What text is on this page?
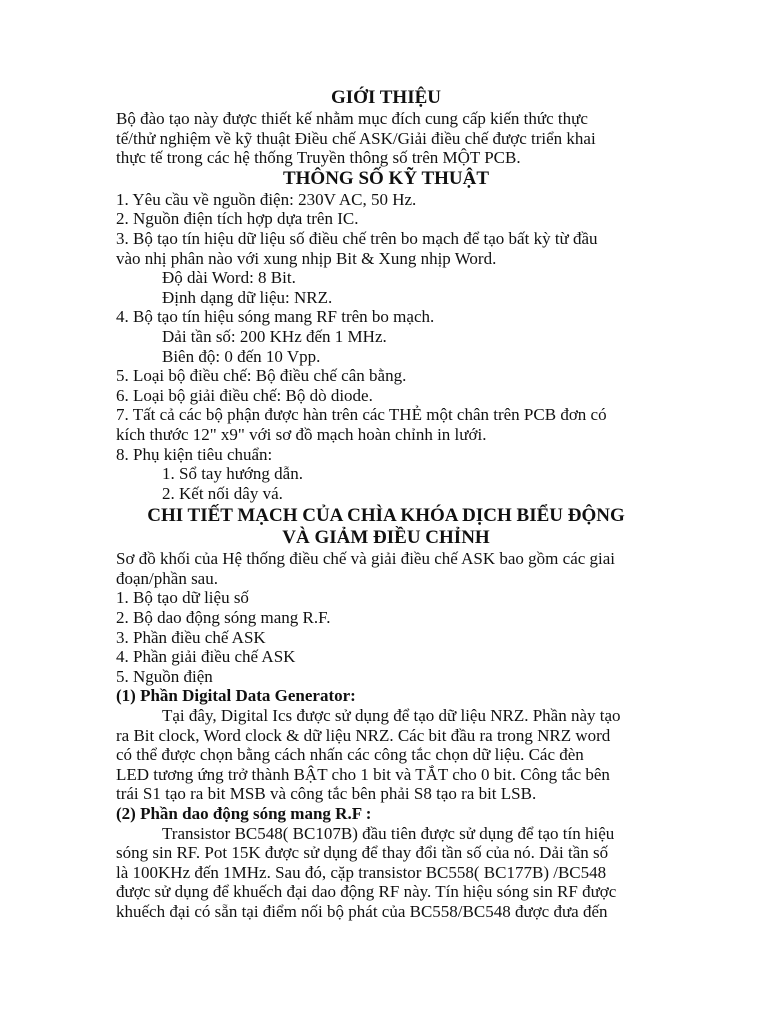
GIỚI THIỆU
Bộ đào tạo này được thiết kế nhằm mục đích cung cấp kiến thức thực
tế/thử nghiệm về kỹ thuật Điều chế ASK/Giải điều chế được triển khai
thực tế trong các hệ thống Truyền thông số trên MỘT PCB.
THÔNG SỐ KỸ THUẬT
1. Yêu cầu về nguồn điện: 230V AC, 50 Hz.
2. Nguồn điện tích hợp dựa trên IC.
3. Bộ tạo tín hiệu dữ liệu số điều chế trên bo mạch để tạo bất kỳ từ đầu
vào nhị phân nào với xung nhịp Bit & Xung nhịp Word.
Độ dài Word: 8 Bit.
Định dạng dữ liệu: NRZ.
4. Bộ tạo tín hiệu sóng mang RF trên bo mạch.
Dải tần số: 200 KHz đến 1 MHz.
Biên độ: 0 đến 10 Vpp.
5. Loại bộ điều chế: Bộ điều chế cân bằng.
6. Loại bộ giải điều chế: Bộ dò diode.
7. Tất cả các bộ phận được hàn trên các THẺ một chân trên PCB đơn có
kích thước 12" x9" với sơ đồ mạch hoàn chỉnh in lưới.
8. Phụ kiện tiêu chuẩn:
1. Sổ tay hướng dẫn.
2. Kết nối dây vá.
CHI TIẾT MẠCH CỦA CHÌA KHÓA DỊCH BIỂU ĐỘNG
VÀ GIẢM ĐIỀU CHỈNH
Sơ đồ khối của Hệ thống điều chế và giải điều chế ASK bao gồm các giai
đoạn/phần sau.
1. Bộ tạo dữ liệu số
2. Bộ dao động sóng mang R.F.
3. Phần điều chế ASK
4. Phần giải điều chế ASK
5. Nguồn điện
(1) Phần Digital Data Generator:
Tại đây, Digital Ics được sử dụng để tạo dữ liệu NRZ. Phần này tạo
ra Bit clock, Word clock & dữ liệu NRZ. Các bit đầu ra trong NRZ word
có thể được chọn bằng cách nhấn các công tắc chọn dữ liệu. Các đèn
LED tương ứng trở thành BẬT cho 1 bit và TẮT cho 0 bit. Công tắc bên
trái S1 tạo ra bit MSB và công tắc bên phải S8 tạo ra bit LSB.
(2) Phần dao động sóng mang R.F :
Transistor BC548( BC107B) đầu tiên được sử dụng để tạo tín hiệu
sóng sin RF. Pot 15K được sử dụng để thay đổi tần số của nó. Dải tần số
là 100KHz đến 1MHz. Sau đó, cặp transistor BC558( BC177B) /BC548
được sử dụng để khuếch đại dao động RF này. Tín hiệu sóng sin RF được
khuếch đại có sẵn tại điểm nối bộ phát của BC558/BC548 được đưa đến
